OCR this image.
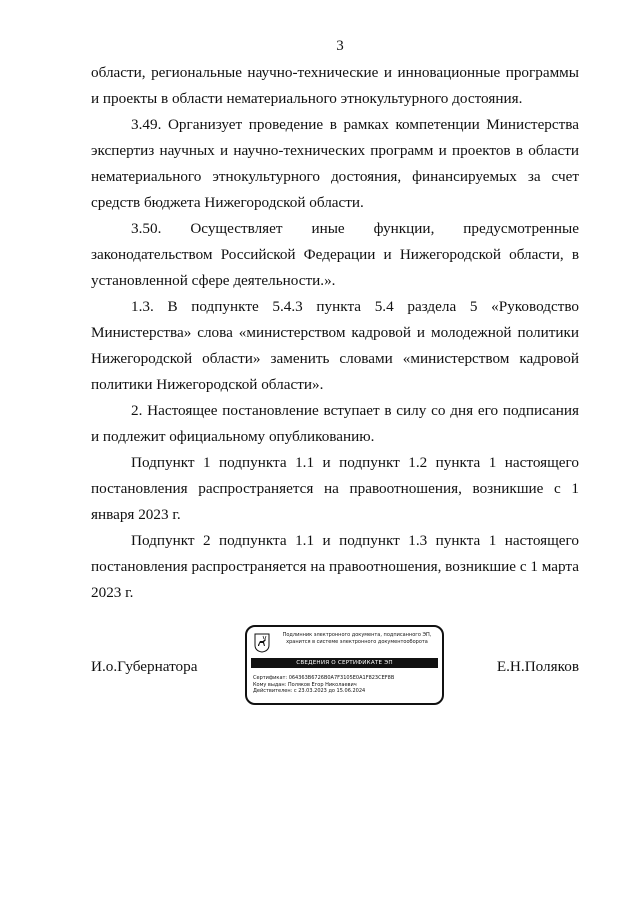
3

области, региональные научно-технические и инновационные программы и проекты в области нематериального этнокультурного достояния.

3.49. Организует проведение в рамках компетенции Министерства экспертиз научных и научно-технических программ и проектов в области нематериального этнокультурного достояния, финансируемых за счет средств бюджета Нижегородской области.

3.50. Осуществляет иные функции, предусмотренные законодательством Российской Федерации и Нижегородской области, в установленной сфере деятельности.».

1.3. В подпункте 5.4.3 пункта 5.4 раздела 5 «Руководство Министерства» слова «министерством кадровой и молодежной политики Нижегородской области» заменить словами «министерством кадровой политики Нижегородской области».

2. Настоящее постановление вступает в силу со дня его подписания и подлежит официальному опубликованию.

Подпункт 1 подпункта 1.1 и подпункт 1.2 пункта 1 настоящего постановления распространяется на правоотношения, возникшие с 1 января 2023 г.

Подпункт 2 подпункта 1.1 и подпункт 1.3 пункта 1 настоящего постановления распространяется на правоотношения, возникшие с 1 марта 2023 г.

И.о.Губернатора
Подлинник электронного документа, подписанного ЭП,
хранится в системе электронного документооборота
СВЕДЕНИЯ О СЕРТИФИКАТЕ ЭП
Сертификат: 064363B6726B0A7F3105E0A1F823CEF8B
Кому выдан: Поляков Егор Николаевич
Действителен: с 23.03.2023 до 15.06.2024
Е.Н.Поляков
